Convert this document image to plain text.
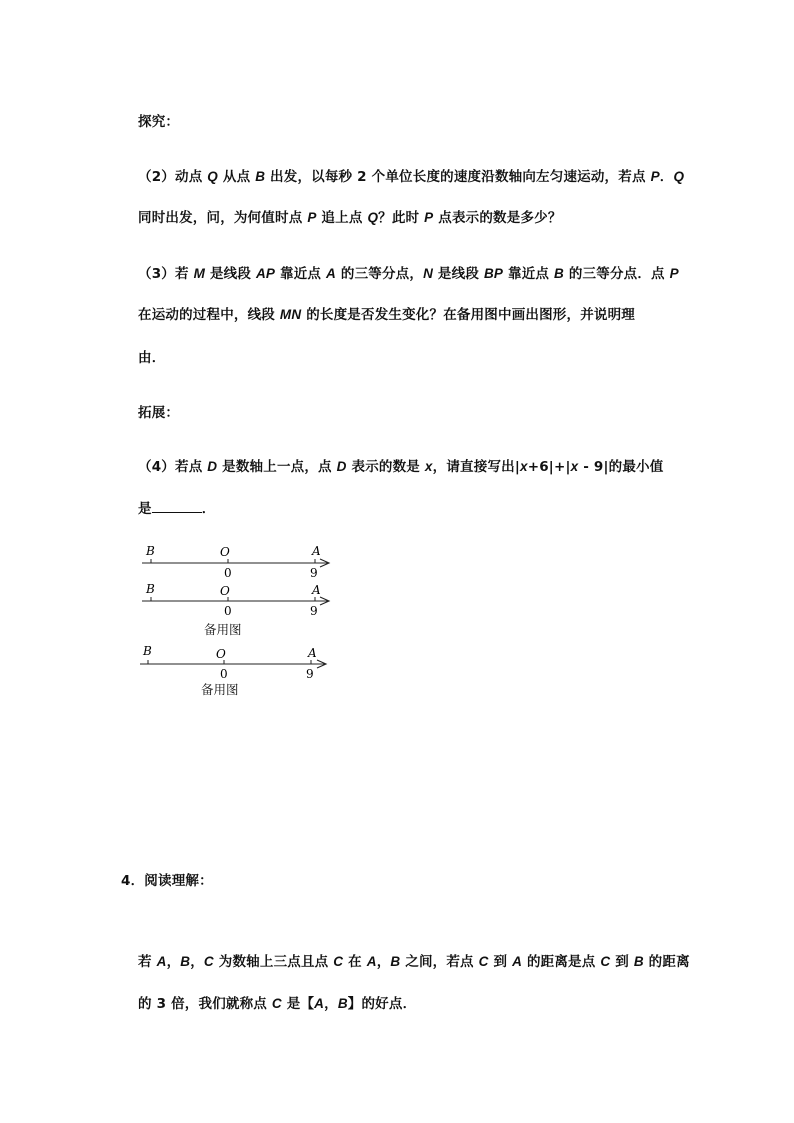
探究：
（2）动点 Q 从点 B 出发，以每秒 2 个单位长度的速度沿数轴向左匀速运动，若点 P．Q
同时出发，问，为何值时点 P 追上点 Q？此时 P 点表示的数是多少？
（3）若 M 是线段 AP 靠近点 A 的三等分点，N 是线段 BP 靠近点 B 的三等分点．点 P
在运动的过程中，线段 MN 的长度是否发生变化？在备用图中画出图形，并说明理
由．
拓展：
（4）若点 D 是数轴上一点，点 D 表示的数是 x，请直接写出|x+6|+|x - 9|的最小值
是	．
B	O	A
0	9
B	O	A
0	9
备用图
B	O	A
0	9
备用图
4．阅读理解：
若 A，B，C 为数轴上三点且点 C 在 A，B 之间，若点 C 到 A 的距离是点 C 到 B 的距离
的 3 倍，我们就称点 C 是【A，B】的好点．
